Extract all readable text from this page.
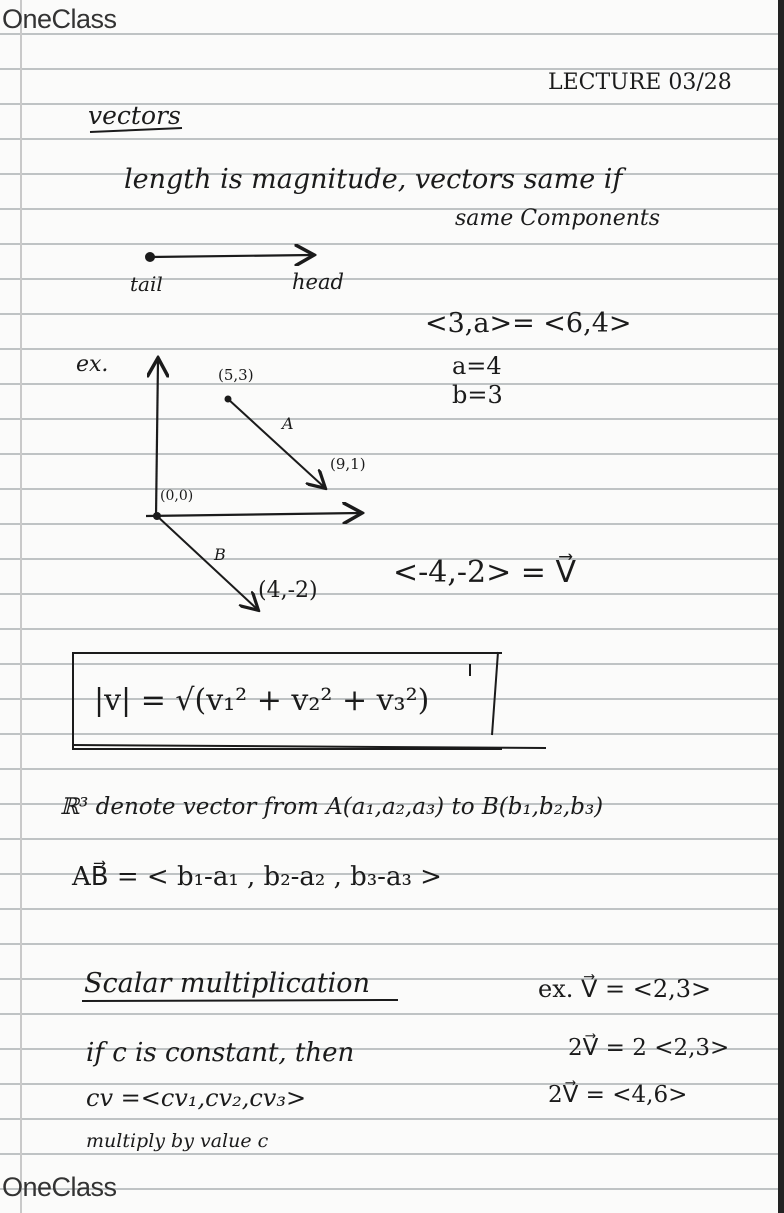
OneClass
OneClass
LECTURE 03/28
vectors
length is magnitude, vectors same if
same Components
tail	head
<3,a>= <6,4>
a=4
b=3
ex.	(5,3)
A
(9,1)
(0,0)
B
(4,-2)
<-4,-2> = V⃗
|v| = √(v₁² + v₂² + v₃²)
ℝ³ denote vector from A(a₁,a₂,a₃) to B(b₁,b₂,b₃)
AB⃗ = < b₁-a₁ , b₂-a₂ , b₃-a₃ >
Scalar multiplication
if c is constant, then
cv =<cv₁,cv₂,cv₃>
multiply by value c
ex. V⃗ = <2,3>
2V⃗ = 2 <2,3>
2V⃗ = <4,6>
